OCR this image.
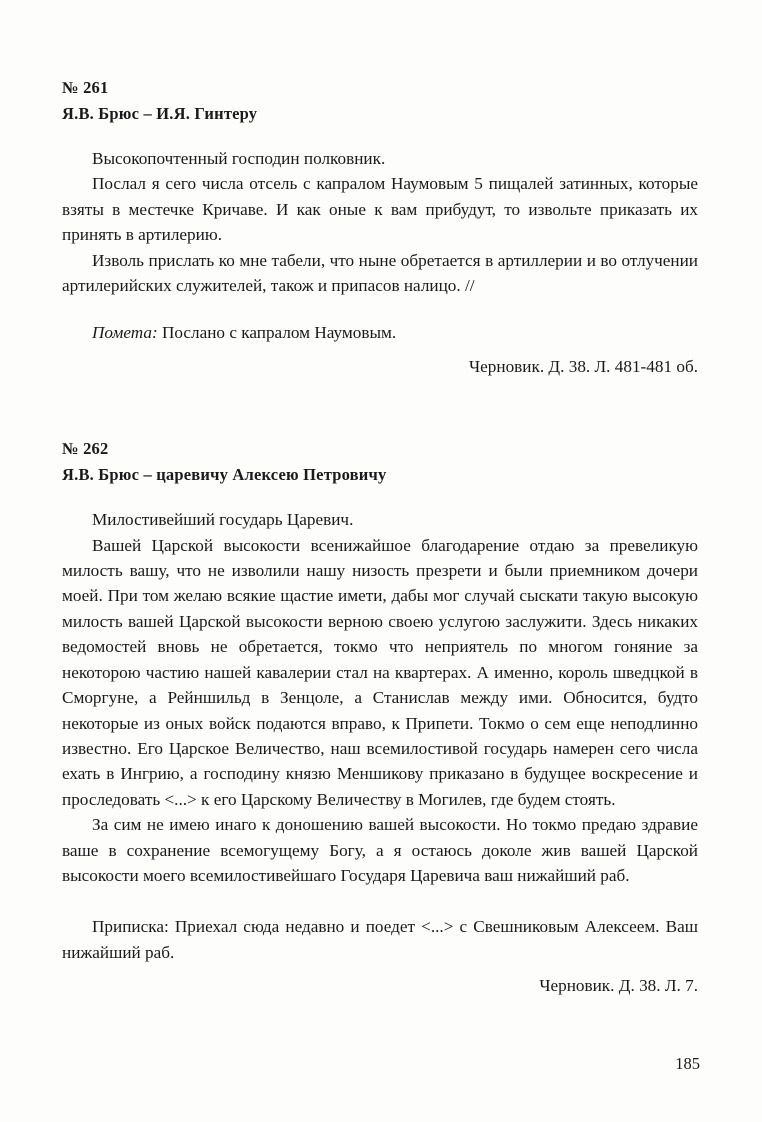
№ 261
Я.В. Брюс – И.Я. Гинтеру

Высокопочтенный господин полковник.

Послал я сего числа отсель с капралом Наумовым 5 пищалей затинных, которые взяты в местечке Кричаве. И как оные к вам прибудут, то извольте приказать их принять в артилерию.

Изволь прислать ко мне табели, что ныне обретается в артиллерии и во отлучении артилерийских служителей, також и припасов налицо. //

Помета: Послано с капралом Наумовым.

Черновик. Д. 38. Л. 481-481 об.

№ 262
Я.В. Брюс – царевичу Алексею Петровичу

Милостивейший государь Царевич.

Вашей Царской высокости всенижайшое благодарение отдаю за превеликую милость вашу, что не изволили нашу низость презрети и были приемником дочери моей. При том желаю всякие щастие имети, дабы мог случай сыскати такую высокую милость вашей Царской высокости верною своею услугою заслужити. Здесь никаких ведомостей вновь не обретается, токмо что неприятель по многом гоняние за некоторою частию нашей кавалерии стал на квартерах. А именно, король шведцкой в Сморгуне, а Рейншильд в Зенцоле, а Станислав между ими. Обносится, будто некоторые из оных войск подаются вправо, к Припети. Токмо о сем еще неподлинно известно. Его Царское Величество, наш всемилостивой государь намерен сего числа ехать в Ингрию, а господину князю Меншикову приказано в будущее воскресение и проследовать <...> к его Царскому Величеству в Могилев, где будем стоять.

За сим не имею инаго к доношению вашей высокости. Но токмо предаю здравие ваше в сохранение всемогущему Богу, а я остаюсь доколе жив вашей Царской высокости моего всемилостивейшаго Государя Царевича ваш нижайший раб.

Приписка: Приехал сюда недавно и поедет <...> с Свешниковым Алексеем. Ваш нижайший раб.

Черновик. Д. 38. Л. 7.

185
